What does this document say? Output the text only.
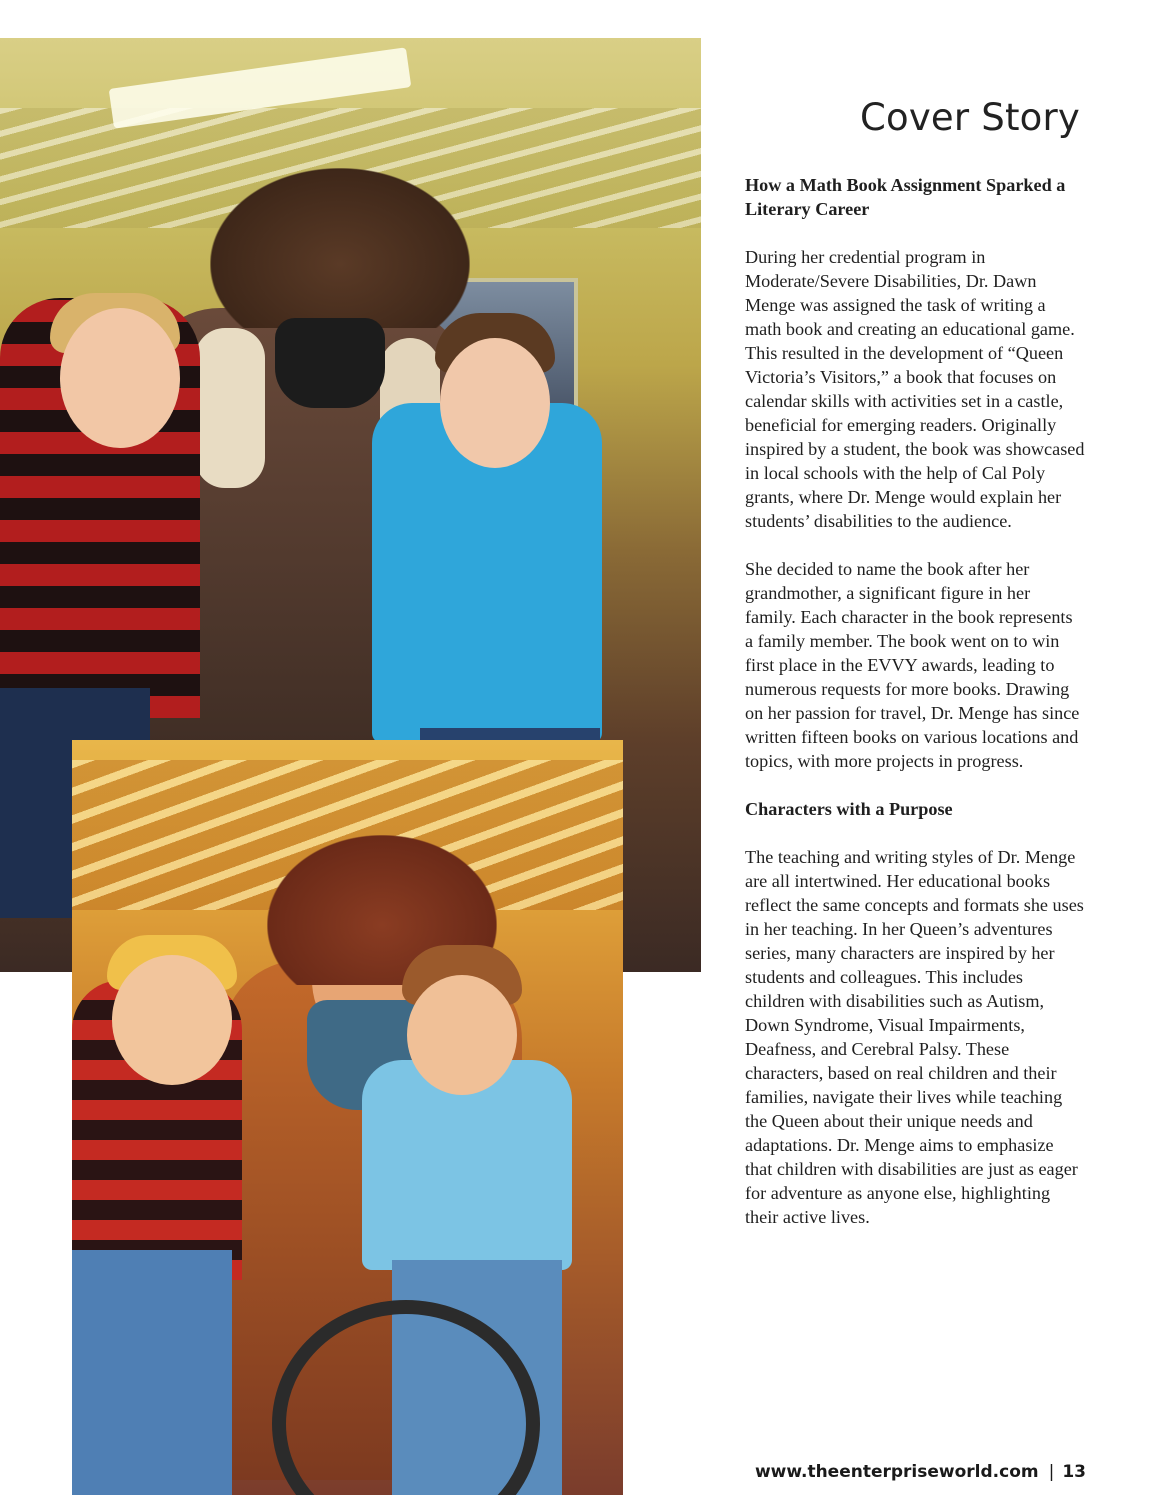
Cover Story
How a Math Book Assignment Sparked a Literary Career

During her credential program in Moderate/Severe Disabilities, Dr. Dawn Menge was assigned the task of writing a math book and creating an educational game. This resulted in the development of “Queen Victoria’s Visitors,” a book that focuses on calendar skills with activities set in a castle, beneficial for emerging readers. Originally inspired by a student, the book was showcased in local schools with the help of Cal Poly grants, where Dr. Menge would explain her students’ disabilities to the audience.

She decided to name the book after her grandmother, a significant figure in her family. Each character in the book represents a family member. The book went on to win first place in the EVVY awards, leading to numerous requests for more books. Drawing on her passion for travel, Dr. Menge has since written fifteen books on various locations and topics, with more projects in progress.

Characters with a Purpose

The teaching and writing styles of Dr. Menge are all intertwined. Her educational books reflect the same concepts and formats she uses in her teaching. In her Queen’s adventures series, many characters are inspired by her students and colleagues. This includes children with disabilities such as Autism, Down Syndrome, Visual Impairments, Deafness, and Cerebral Palsy. These characters, based on real children and their families, navigate their lives while teaching the Queen about their unique needs and adaptations. Dr. Menge aims to emphasize that children with disabilities are just as eager for adventure as anyone else, highlighting their active lives.

www.theenterpriseworld.com | 13
